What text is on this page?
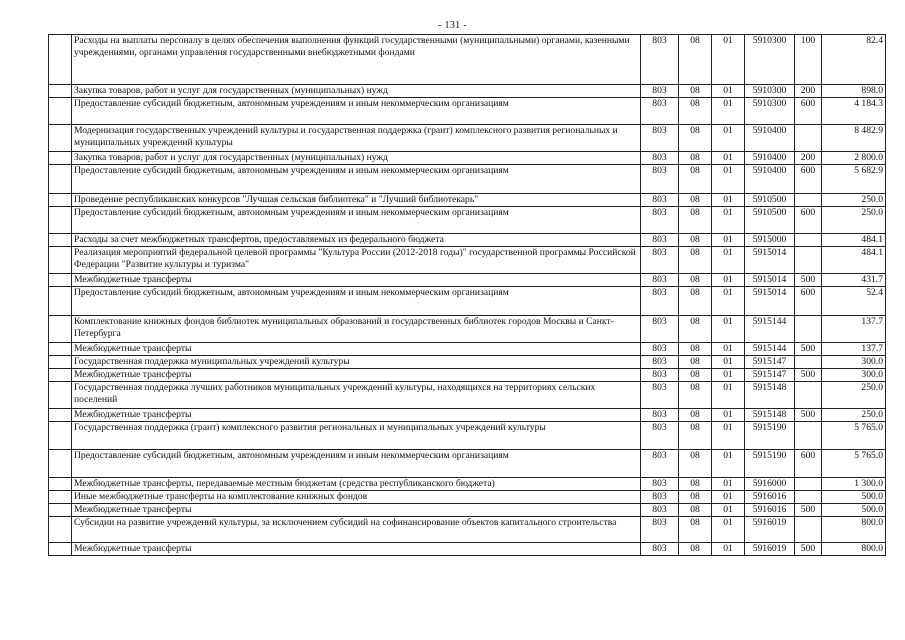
- 131 -
	Расходы на выплаты персоналу в целях обеспечения выполнения функций государственными (муниципальными) органами, казенными учреждениями, органами управления государственными внебюджетными фондами	803	08	01	5910300	100	82.4
	Закупка товаров, работ и услуг для государственных (муниципальных) нужд	803	08	01	5910300	200	898.0
	Предоставление субсидий бюджетным, автономным учреждениям и иным некоммерческим организациям	803	08	01	5910300	600	4 184.3
	Модернизация государственных учреждений культуры и государственная поддержка (грант) комплексного развития региональных и муниципальных учреждений культуры	803	08	01	5910400		8 482.9
	Закупка товаров, работ и услуг для государственных (муниципальных) нужд	803	08	01	5910400	200	2 800.0
	Предоставление субсидий бюджетным, автономным учреждениям и иным некоммерческим организациям	803	08	01	5910400	600	5 682.9
	Проведение республиканских конкурсов "Лучшая сельская библиотека" и "Лучший библиотекарь"	803	08	01	5910500		250.0
	Предоставление субсидий бюджетным, автономным учреждениям и иным некоммерческим организациям	803	08	01	5910500	600	250.0
	Расходы за счет межбюджетных трансфертов, предоставляемых из федерального бюджета	803	08	01	5915000		484.1
	Реализация мероприятий федеральной целевой программы "Культура России (2012-2018 годы)" государственной программы Российской Федерации "Развитие культуры и туризма"	803	08	01	5915014		484.1
	Межбюджетные трансферты	803	08	01	5915014	500	431.7
	Предоставление субсидий бюджетным, автономным учреждениям и иным некоммерческим организациям	803	08	01	5915014	600	52.4
	Комплектование книжных фондов библиотек муниципальных образований и государственных библиотек городов Москвы и Санкт-Петербурга	803	08	01	5915144		137.7
	Межбюджетные трансферты	803	08	01	5915144	500	137.7
	Государственная поддержка муниципальных учреждений культуры	803	08	01	5915147		300.0
	Межбюджетные трансферты	803	08	01	5915147	500	300.0
	Государственная поддержка лучших работников муниципальных учреждений культуры, находящихся на территориях сельских поселений	803	08	01	5915148		250.0
	Межбюджетные трансферты	803	08	01	5915148	500	250.0
	Государственная поддержка (грант) комплексного развития региональных и муниципальных учреждений культуры	803	08	01	5915190		5 765.0
	Предоставление субсидий бюджетным, автономным учреждениям и иным некоммерческим организациям	803	08	01	5915190	600	5 765.0
	Межбюджетные трансферты, передаваемые местным бюджетам (средства республиканского бюджета)	803	08	01	5916000		1 300.0
	Иные межбюджетные трансферты на комплектование книжных фондов	803	08	01	5916016		500.0
	Межбюджетные трансферты	803	08	01	5916016	500	500.0
	Субсидии на развитие учреждений культуры, за исключением субсидий на софинансирование объектов капитального строительства	803	08	01	5916019		800.0
	Межбюджетные трансферты	803	08	01	5916019	500	800.0
